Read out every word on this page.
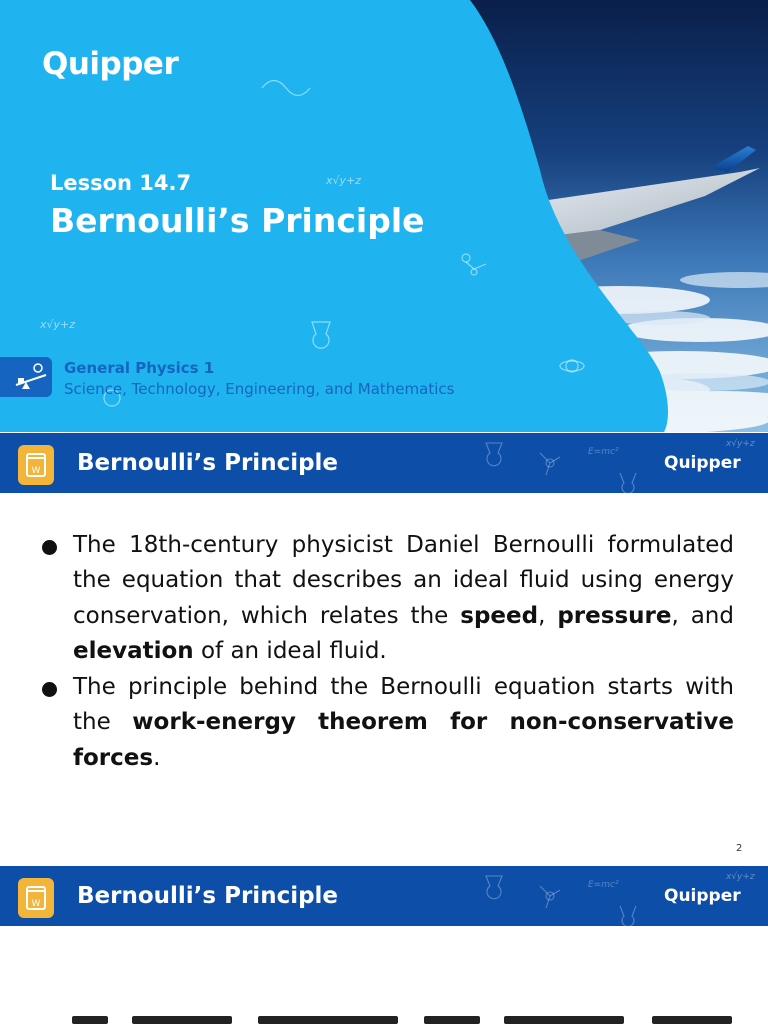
Quipper
x√y+z
x√y+z
Lesson 14.7
Bernoulli’s Principle
General Physics 1
Science, Technology, Engineering, and Mathematics
W Bernoulli’s Principle	E=mc²
x√y+z
Quipper

The 18th-century physicist Daniel Bernoulli formulated the equation that describes an ideal fluid using energy conservation, which relates the speed, pressure, and elevation of an ideal fluid.

The principle behind the Bernoulli equation starts with the work-energy theorem for non-conservative forces.

2
W Bernoulli’s Principle	E=mc²
x√y+z
Quipper
